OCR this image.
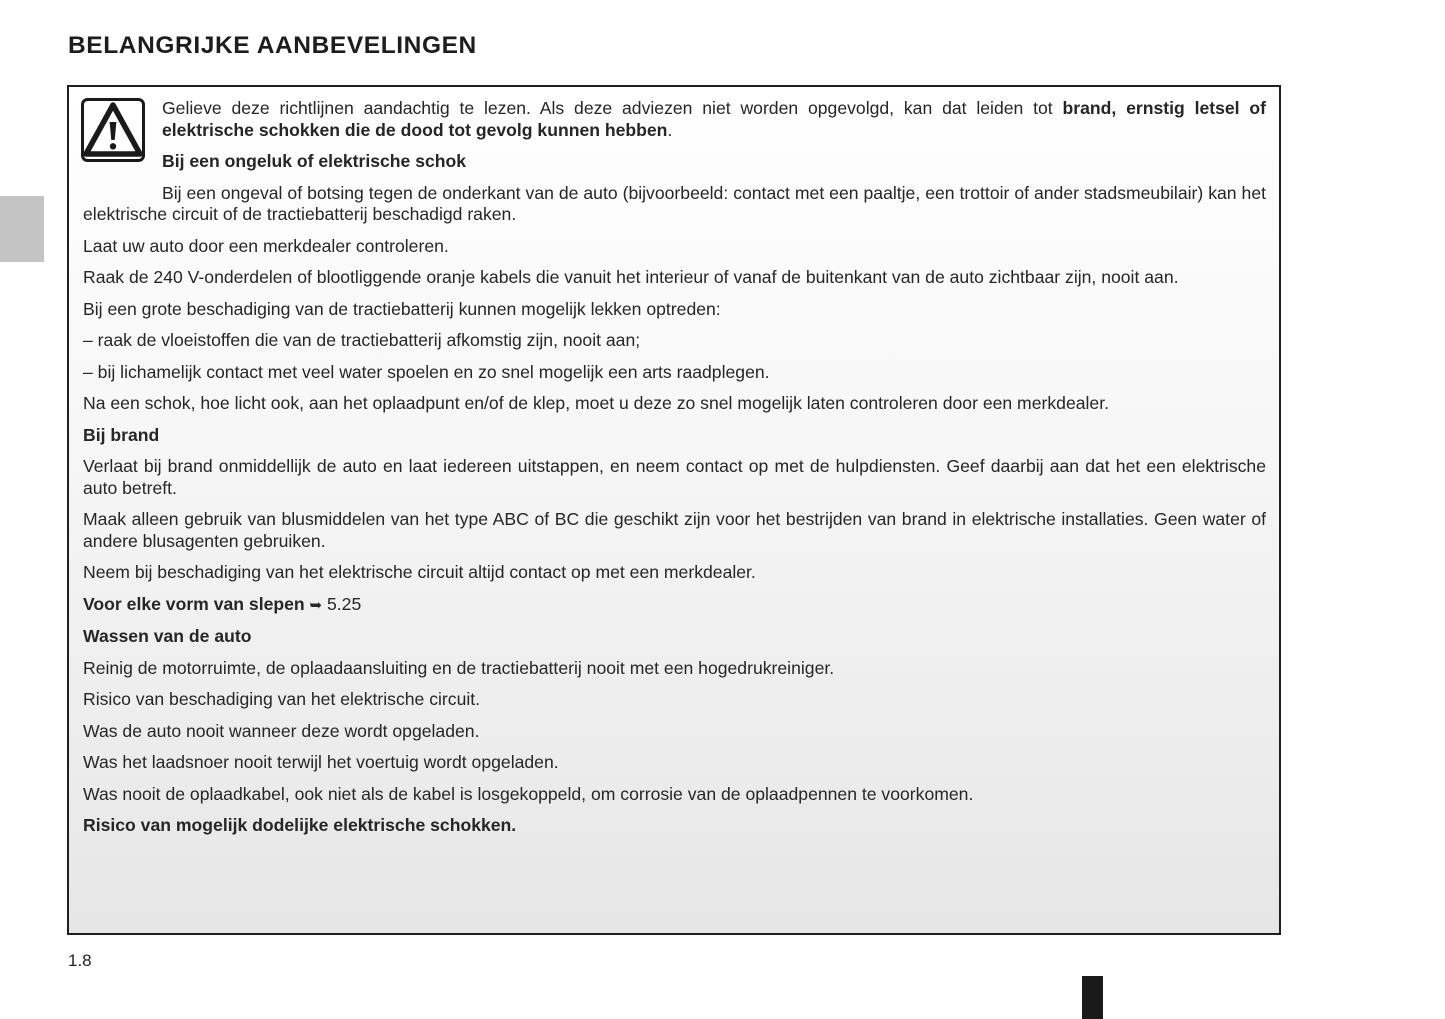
BELANGRIJKE AANBEVELINGEN

Gelieve deze richtlijnen aandachtig te lezen. Als deze adviezen niet worden opgevolgd, kan dat leiden tot brand, ernstig letsel of elektrische schokken die de dood tot gevolg kunnen hebben.

Bij een ongeluk of elektrische schok

Bij een ongeval of botsing tegen de onderkant van de auto (bijvoorbeeld: contact met een paaltje, een trottoir of ander stadsmeubilair) kan het elektrische circuit of de tractiebatterij beschadigd raken.

Laat uw auto door een merkdealer controleren.

Raak de 240 V-onderdelen of blootliggende oranje kabels die vanuit het interieur of vanaf de buitenkant van de auto zichtbaar zijn, nooit aan.

Bij een grote beschadiging van de tractiebatterij kunnen mogelijk lekken optreden:

– raak de vloeistoffen die van de tractiebatterij afkomstig zijn, nooit aan;

– bij lichamelijk contact met veel water spoelen en zo snel mogelijk een arts raadplegen.

Na een schok, hoe licht ook, aan het oplaadpunt en/of de klep, moet u deze zo snel mogelijk laten controleren door een merkdealer.

Bij brand

Verlaat bij brand onmiddellijk de auto en laat iedereen uitstappen, en neem contact op met de hulpdiensten. Geef daarbij aan dat het een elektrische auto betreft.

Maak alleen gebruik van blusmiddelen van het type ABC of BC die geschikt zijn voor het bestrijden van brand in elektrische installaties. Geen water of andere blusagenten gebruiken.

Neem bij beschadiging van het elektrische circuit altijd contact op met een merkdealer.

Voor elke vorm van slepen ➥ 5.25

Wassen van de auto

Reinig de motorruimte, de oplaadaansluiting en de tractiebatterij nooit met een hogedrukreiniger.

Risico van beschadiging van het elektrische circuit.

Was de auto nooit wanneer deze wordt opgeladen.

Was het laadsnoer nooit terwijl het voertuig wordt opgeladen.

Was nooit de oplaadkabel, ook niet als de kabel is losgekoppeld, om corrosie van de oplaadpennen te voorkomen.

Risico van mogelijk dodelijke elektrische schokken.

1.8
